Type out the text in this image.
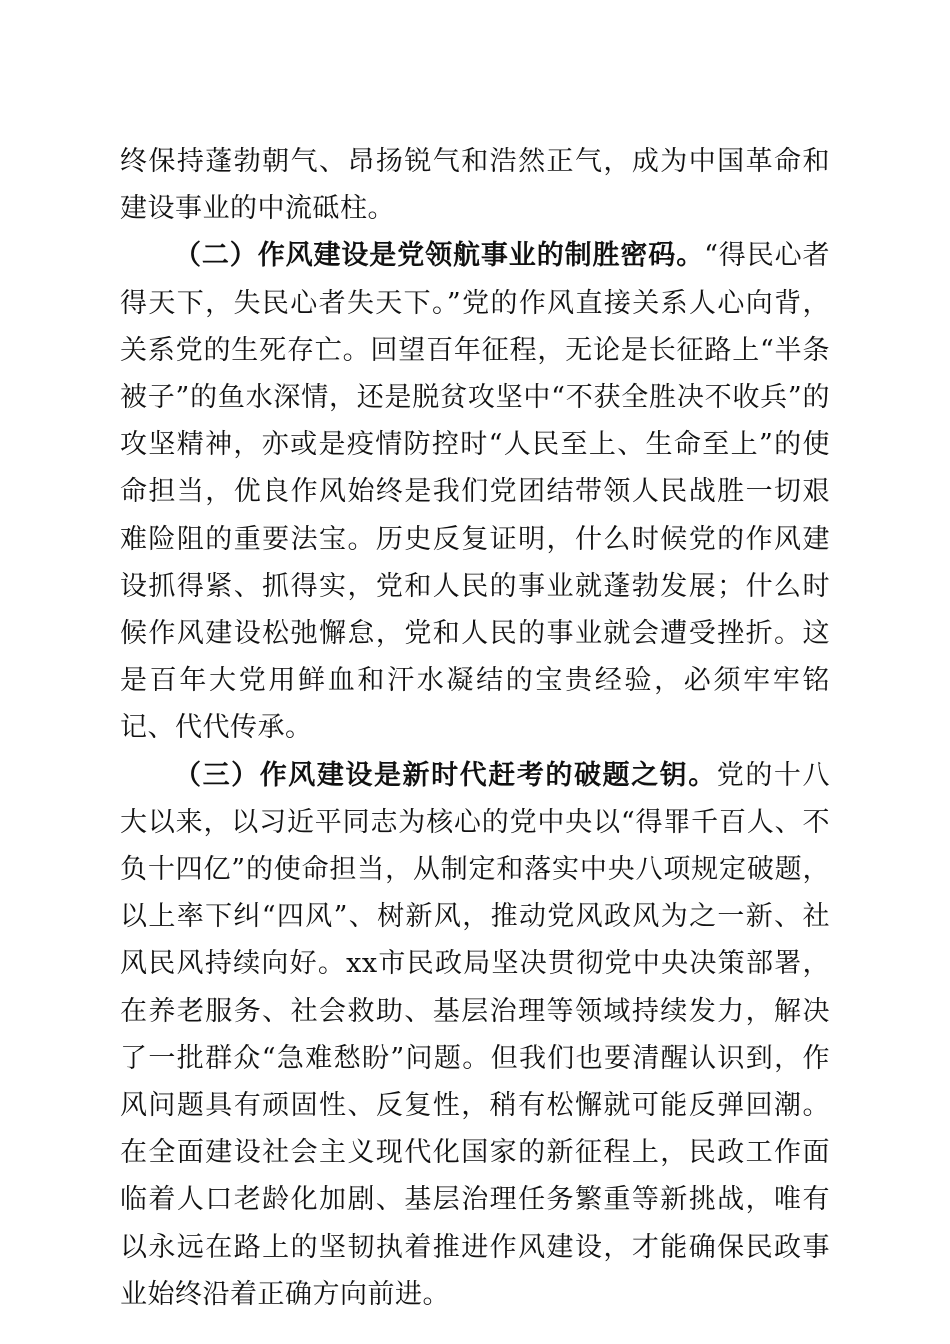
终保持蓬勃朝气、昂扬锐气和浩然正气，成为中国革命和建设事业的中流砥柱。

（二）作风建设是党领航事业的制胜密码。“得民心者得天下，失民心者失天下。”党的作风直接关系人心向背，关系党的生死存亡。回望百年征程，无论是长征路上“半条被子”的鱼水深情，还是脱贫攻坚中“不获全胜决不收兵”的攻坚精神，亦或是疫情防控时“人民至上、生命至上”的使命担当，优良作风始终是我们党团结带领人民战胜一切艰难险阻的重要法宝。历史反复证明，什么时候党的作风建设抓得紧、抓得实，党和人民的事业就蓬勃发展；什么时候作风建设松弛懈怠，党和人民的事业就会遭受挫折。这是百年大党用鲜血和汗水凝结的宝贵经验，必须牢牢铭记、代代传承。

（三）作风建设是新时代赶考的破题之钥。党的十八大以来，以习近平同志为核心的党中央以“得罪千百人、不负十四亿”的使命担当，从制定和落实中央八项规定破题，以上率下纠“四风”、树新风，推动党风政风为之一新、社风民风持续向好。xx市民政局坚决贯彻党中央决策部署，在养老服务、社会救助、基层治理等领域持续发力，解决了一批群众“急难愁盼”问题。但我们也要清醒认识到，作风问题具有顽固性、反复性，稍有松懈就可能反弹回潮。在全面建设社会主义现代化国家的新征程上，民政工作面临着人口老龄化加剧、基层治理任务繁重等新挑战，唯有以永远在路上的坚韧执着推进作风建设，才能确保民政事业始终沿着正确方向前进。
